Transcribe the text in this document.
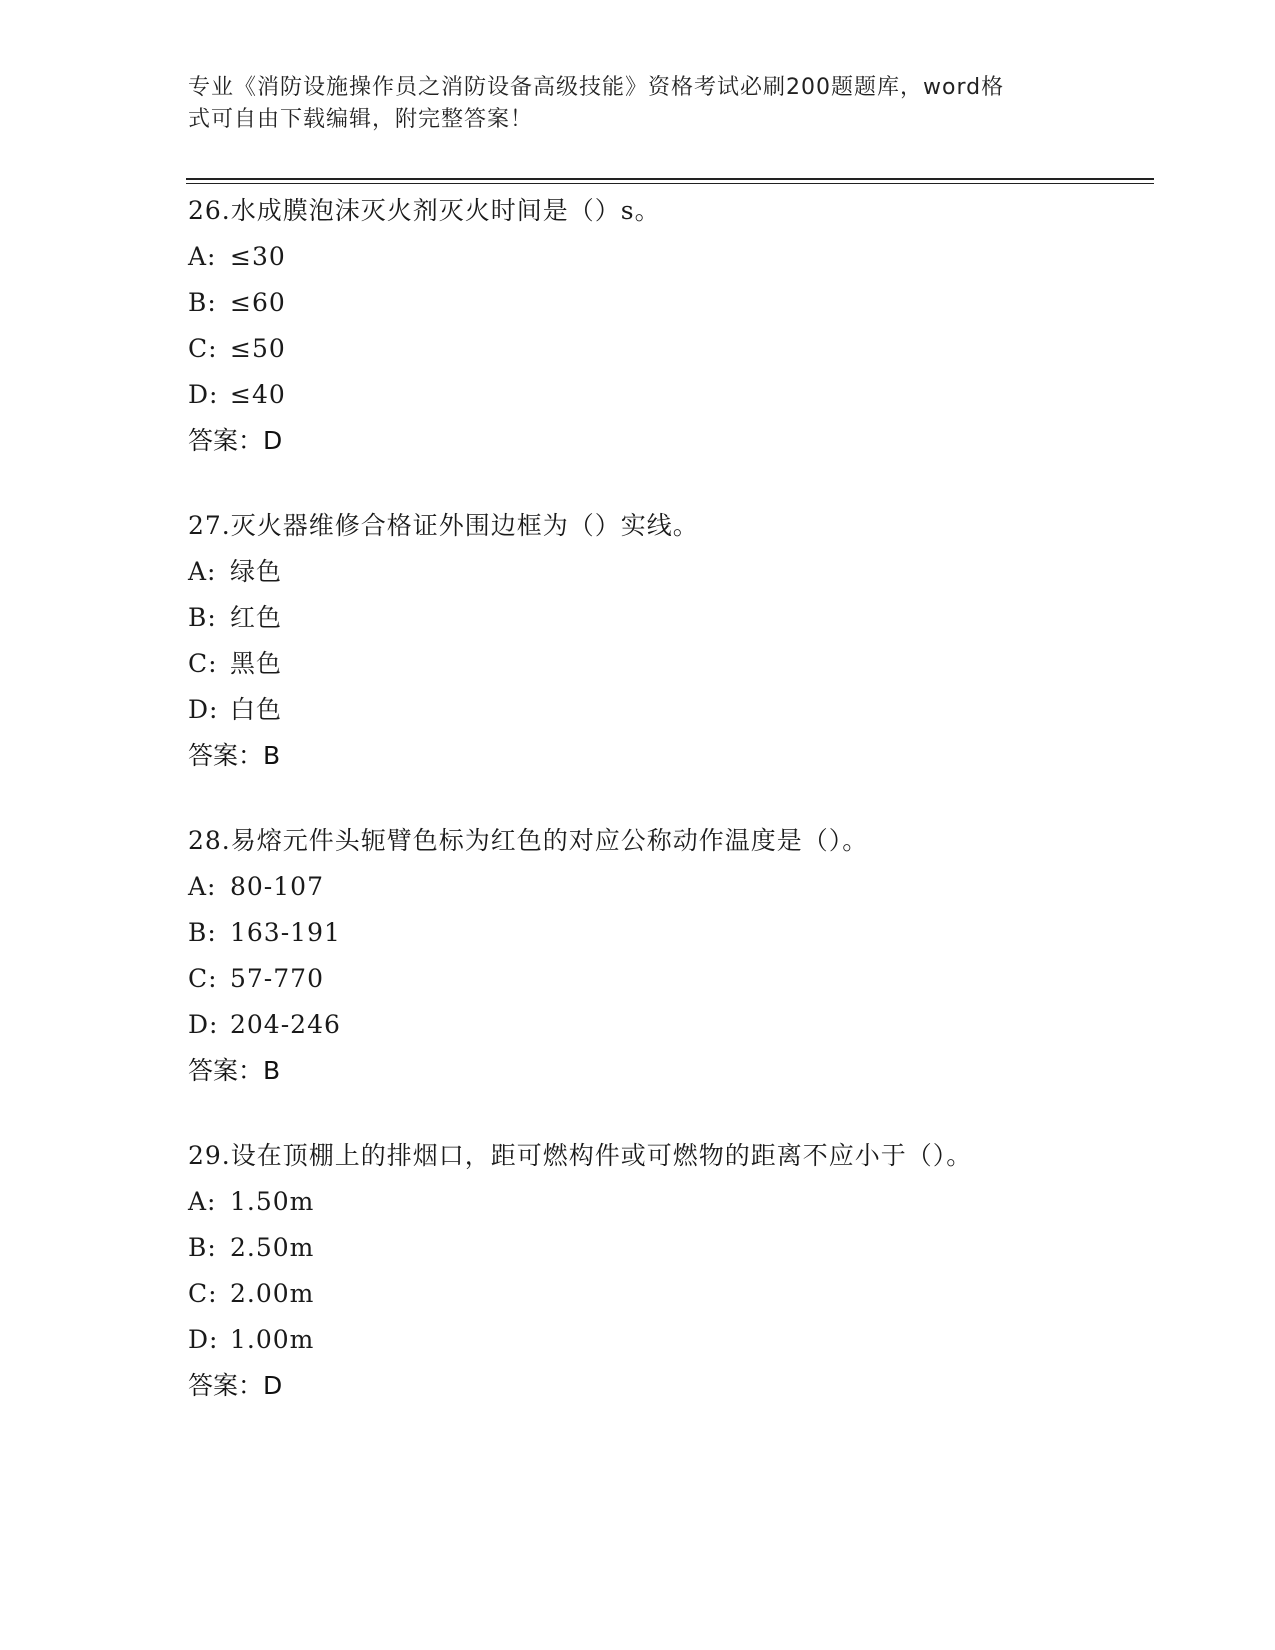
专业《消防设施操作员之消防设备高级技能》资格考试必刷200题题库，word格
式可自由下载编辑，附完整答案！
26.水成膜泡沫灭火剂灭火时间是（）s。
A: ≤30
B: ≤60
C: ≤50
D: ≤40
答案：D
27.灭火器维修合格证外围边框为（）实线。
A: 绿色
B: 红色
C: 黑色
D: 白色
答案：B
28.易熔元件头轭臂色标为红色的对应公称动作温度是（）。
A: 80-107
B: 163-191
C: 57-770
D: 204-246
答案：B
29.设在顶棚上的排烟口，距可燃构件或可燃物的距离不应小于（）。
A: 1.50m
B: 2.50m
C: 2.00m
D: 1.00m
答案：D
